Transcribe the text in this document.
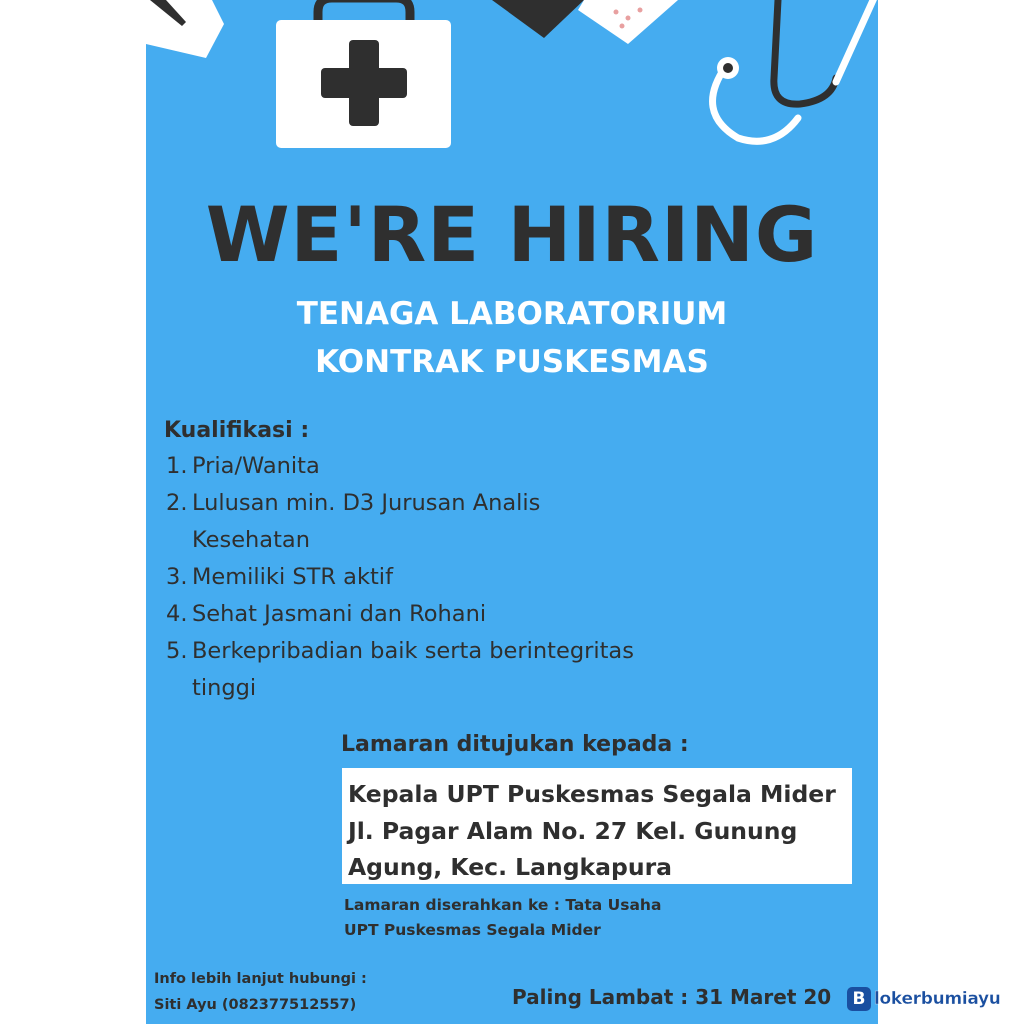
WE'RE HIRING
TENAGA LABORATORIUM
KONTRAK PUSKESMAS
Kualifikasi :
1. Pria/Wanita
2. Lulusan min. D3 Jurusan Analis
Kesehatan
3. Memiliki STR aktif
4. Sehat Jasmani dan Rohani
5. Berkepribadian baik serta berintegritas
tinggi
Lamaran ditujukan kepada :
Kepala UPT Puskesmas Segala Mider
Jl. Pagar Alam No. 27 Kel. Gunung
Agung, Kec. Langkapura
Lamaran diserahkan ke : Tata Usaha
UPT Puskesmas Segala Mider
Info lebih lanjut hubungi :
Siti Ayu (082377512557)	Paling Lambat : 31 Maret 20	B lokerbumiayu
